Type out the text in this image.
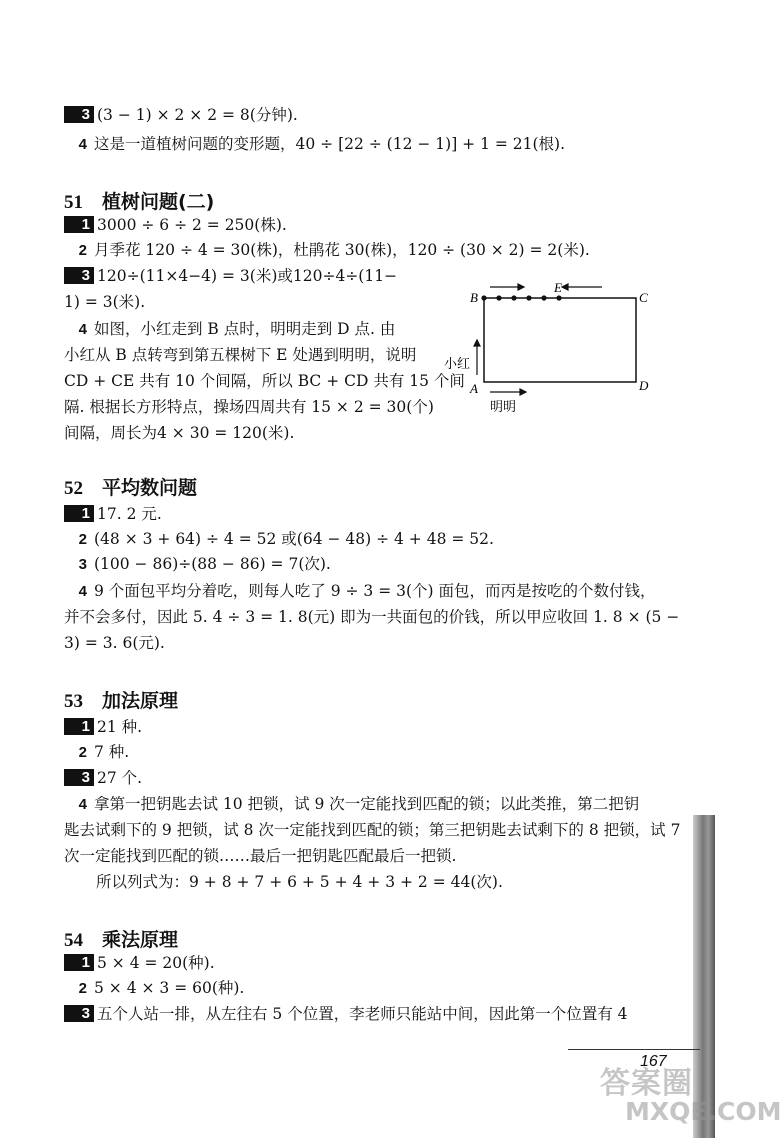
3 (3 − 1) × 2 × 2 = 8(分钟).
4 这是一道植树问题的变形题，40 ÷ [22 ÷ (12 − 1)] + 1 = 21(根).
51 植树问题(二)
1 3000 ÷ 6 ÷ 2 = 250(株).
2 月季花 120 ÷ 4 = 30(株)，杜鹃花 30(株)，120 ÷ (30 × 2) = 2(米).
3 120÷(11×4−4) = 3(米)或120÷4÷(11−
1) = 3(米).
4 如图，小红走到 B 点时，明明走到 D 点. 由
小红从 B 点转弯到第五棵树下 E 处遇到明明，说明
CD + CE 共有 10 个间隔，所以 BC + CD 共有 15 个间
隔. 根据长方形特点，操场四周共有 15 × 2 = 30(个)
间隔，周长为4 × 30 = 120(米).
B	C
A	D
E
小红
明明
52 平均数问题
1 17. 2 元.
2 (48 × 3 + 64) ÷ 4 = 52 或(64 − 48) ÷ 4 + 48 = 52.
3 (100 − 86)÷(88 − 86) = 7(次).
4 9 个面包平均分着吃，则每人吃了 9 ÷ 3 = 3(个) 面包，而丙是按吃的个数付钱，
并不会多付，因此 5. 4 ÷ 3 = 1. 8(元) 即为一共面包的价钱，所以甲应收回 1. 8 × (5 −
3) = 3. 6(元).
53 加法原理
1 21 种.
2 7 种.
3 27 个.
4 拿第一把钥匙去试 10 把锁，试 9 次一定能找到匹配的锁；以此类推，第二把钥
匙去试剩下的 9 把锁，试 8 次一定能找到匹配的锁；第三把钥匙去试剩下的 8 把锁，试 7
次一定能找到匹配的锁……最后一把钥匙匹配最后一把锁.
所以列式为：9 + 8 + 7 + 6 + 5 + 4 + 3 + 2 = 44(次).
54 乘法原理
1 5 × 4 = 20(种).
2 5 × 4 × 3 = 60(种).
3 五个人站一排，从左往右 5 个位置，李老师只能站中间，因此第一个位置有 4
167
答案圈
MXQE.COM
